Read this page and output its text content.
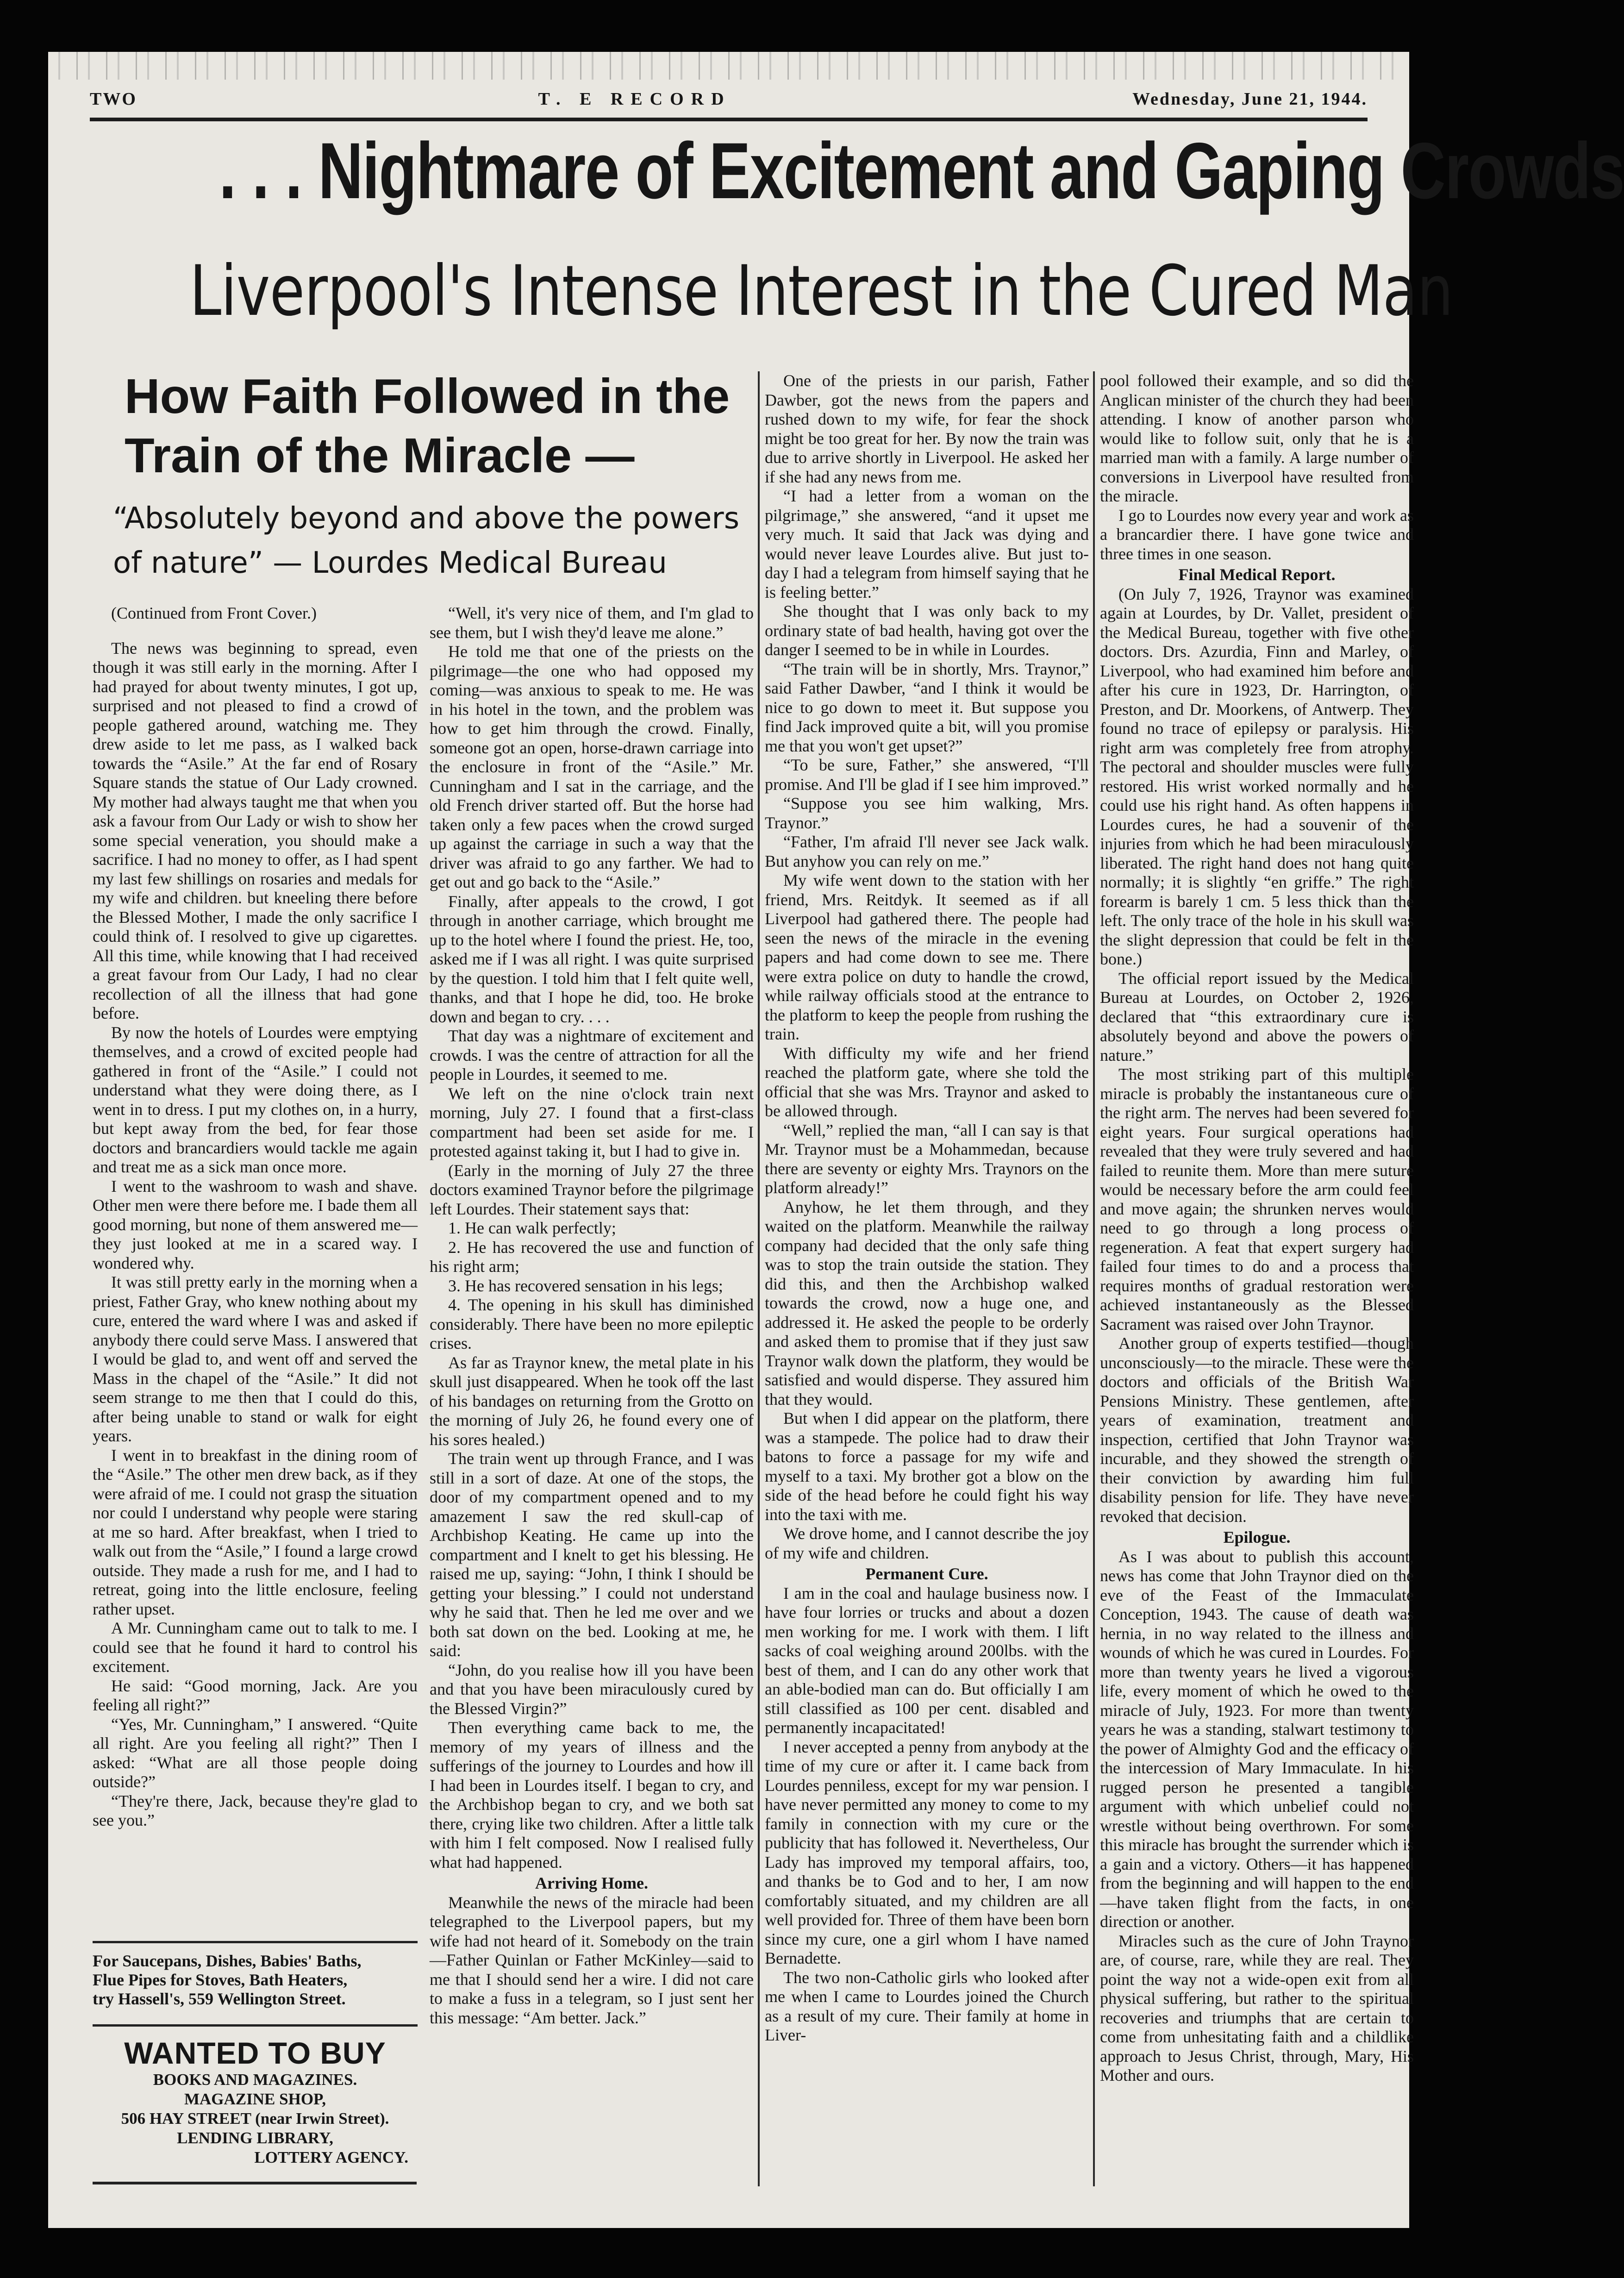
TWO	T. E RECORD	Wednesday, June 21, 1944.
. . . Nightmare of Excitement and Gaping Crowds
Liverpool's Intense Interest in the Cured Man
How Faith Followed in the
Train of the Miracle —
“Absolutely beyond and above the powers
of nature” — Lourdes Medical Bureau

(Continued from Front Cover.)

The news was beginning to spread, even though it was still early in the morning. After I had prayed for about twenty minutes, I got up, surprised and not pleased to find a crowd of people gathered around, watching me. They drew aside to let me pass, as I walked back towards the “Asile.” At the far end of Rosary Square stands the statue of Our Lady crowned. My mother had always taught me that when you ask a favour from Our Lady or wish to show her some special veneration, you should make a sacrifice. I had no money to offer, as I had spent my last few shillings on rosaries and medals for my wife and children. but kneeling there before the Blessed Mother, I made the only sacrifice I could think of. I resolved to give up cigarettes. All this time, while knowing that I had received a great favour from Our Lady, I had no clear recollection of all the illness that had gone before.

By now the hotels of Lourdes were emptying themselves, and a crowd of excited people had gathered in front of the “Asile.” I could not understand what they were doing there, as I went in to dress. I put my clothes on, in a hurry, but kept away from the bed, for fear those doctors and brancardiers would tackle me again and treat me as a sick man once more.

I went to the washroom to wash and shave. Other men were there before me. I bade them all good morning, but none of them answered me—they just looked at me in a scared way. I wondered why.

It was still pretty early in the morning when a priest, Father Gray, who knew nothing about my cure, entered the ward where I was and asked if anybody there could serve Mass. I answered that I would be glad to, and went off and served the Mass in the chapel of the “Asile.” It did not seem strange to me then that I could do this, after being unable to stand or walk for eight years.

I went in to breakfast in the dining room of the “Asile.” The other men drew back, as if they were afraid of me. I could not grasp the situation nor could I understand why people were staring at me so hard. After breakfast, when I tried to walk out from the “Asile,” I found a large crowd outside. They made a rush for me, and I had to retreat, going into the little enclosure, feeling rather upset.

A Mr. Cunningham came out to talk to me. I could see that he found it hard to control his excitement.

He said: “Good morning, Jack. Are you feeling all right?”

“Yes, Mr. Cunningham,” I answered. “Quite all right. Are you feeling all right?” Then I asked: “What are all those people doing outside?”

“They're there, Jack, because they're glad to see you.”

For Saucepans, Dishes, Babies' Baths,
Flue Pipes for Stoves, Bath Heaters,
try Hassell's, 559 Wellington Street.
WANTED TO BUY
BOOKS AND MAGAZINES.
MAGAZINE SHOP,
506 HAY STREET (near Irwin Street).
LENDING LIBRARY,
LOTTERY AGENCY.

“Well, it's very nice of them, and I'm glad to see them, but I wish they'd leave me alone.”

He told me that one of the priests on the pilgrimage—the one who had opposed my coming—was anxious to speak to me. He was in his hotel in the town, and the problem was how to get him through the crowd. Finally, someone got an open, horse-drawn carriage into the enclosure in front of the “Asile.” Mr. Cunningham and I sat in the carriage, and the old French driver started off. But the horse had taken only a few paces when the crowd surged up against the carriage in such a way that the driver was afraid to go any farther. We had to get out and go back to the “Asile.”

Finally, after appeals to the crowd, I got through in another carriage, which brought me up to the hotel where I found the priest. He, too, asked me if I was all right. I was quite surprised by the question. I told him that I felt quite well, thanks, and that I hope he did, too. He broke down and began to cry. . . .

That day was a nightmare of excitement and crowds. I was the centre of attraction for all the people in Lourdes, it seemed to me.

We left on the nine o'clock train next morning, July 27. I found that a first-class compartment had been set aside for me. I protested against taking it, but I had to give in.

(Early in the morning of July 27 the three doctors examined Traynor before the pilgrimage left Lourdes. Their statement says that:

1. He can walk perfectly;

2. He has recovered the use and function of his right arm;

3. He has recovered sensation in his legs;

4. The opening in his skull has diminished considerably. There have been no more epileptic crises.

As far as Traynor knew, the metal plate in his skull just disappeared. When he took off the last of his bandages on returning from the Grotto on the morning of July 26, he found every one of his sores healed.)

The train went up through France, and I was still in a sort of daze. At one of the stops, the door of my compartment opened and to my amazement I saw the red skull-cap of Archbishop Keating. He came up into the compartment and I knelt to get his blessing. He raised me up, saying: “John, I think I should be getting your blessing.” I could not understand why he said that. Then he led me over and we both sat down on the bed. Looking at me, he said:

“John, do you realise how ill you have been and that you have been miraculously cured by the Blessed Virgin?”

Then everything came back to me, the memory of my years of illness and the sufferings of the journey to Lourdes and how ill I had been in Lourdes itself. I began to cry, and the Archbishop began to cry, and we both sat there, crying like two children. After a little talk with him I felt composed. Now I realised fully what had happened.

Arriving Home.

Meanwhile the news of the miracle had been telegraphed to the Liverpool papers, but my wife had not heard of it. Somebody on the train—Father Quinlan or Father McKinley—said to me that I should send her a wire. I did not care to make a fuss in a telegram, so I just sent her this message: “Am better. Jack.”

One of the priests in our parish, Father Dawber, got the news from the papers and rushed down to my wife, for fear the shock might be too great for her. By now the train was due to arrive shortly in Liverpool. He asked her if she had any news from me.

“I had a letter from a woman on the pilgrimage,” she answered, “and it upset me very much. It said that Jack was dying and would never leave Lourdes alive. But just to-day I had a telegram from himself saying that he is feeling better.”

She thought that I was only back to my ordinary state of bad health, having got over the danger I seemed to be in while in Lourdes.

“The train will be in shortly, Mrs. Traynor,” said Father Dawber, “and I think it would be nice to go down to meet it. But suppose you find Jack improved quite a bit, will you promise me that you won't get upset?”

“To be sure, Father,” she answered, “I'll promise. And I'll be glad if I see him improved.”

“Suppose you see him walking, Mrs. Traynor.”

“Father, I'm afraid I'll never see Jack walk. But anyhow you can rely on me.”

My wife went down to the station with her friend, Mrs. Reitdyk. It seemed as if all Liverpool had gathered there. The people had seen the news of the miracle in the evening papers and had come down to see me. There were extra police on duty to handle the crowd, while railway officials stood at the entrance to the platform to keep the people from rushing the train.

With difficulty my wife and her friend reached the platform gate, where she told the official that she was Mrs. Traynor and asked to be allowed through.

“Well,” replied the man, “all I can say is that Mr. Traynor must be a Mohammedan, because there are seventy or eighty Mrs. Traynors on the platform already!”

Anyhow, he let them through, and they waited on the platform. Meanwhile the railway company had decided that the only safe thing was to stop the train outside the station. They did this, and then the Archbishop walked towards the crowd, now a huge one, and addressed it. He asked the people to be orderly and asked them to promise that if they just saw Traynor walk down the platform, they would be satisfied and would disperse. They assured him that they would.

But when I did appear on the platform, there was a stampede. The police had to draw their batons to force a passage for my wife and myself to a taxi. My brother got a blow on the side of the head before he could fight his way into the taxi with me.

We drove home, and I cannot describe the joy of my wife and children.

Permanent Cure.

I am in the coal and haulage business now. I have four lorries or trucks and about a dozen men working for me. I work with them. I lift sacks of coal weighing around 200lbs. with the best of them, and I can do any other work that an able-bodied man can do. But officially I am still classified as 100 per cent. disabled and permanently incapacitated!

I never accepted a penny from anybody at the time of my cure or after it. I came back from Lourdes penniless, except for my war pension. I have never permitted any money to come to my family in connection with my cure or the publicity that has followed it. Nevertheless, Our Lady has improved my temporal affairs, too, and thanks be to God and to her, I am now comfortably situated, and my children are all well provided for. Three of them have been born since my cure, one a girl whom I have named Bernadette.

The two non-Catholic girls who looked after me when I came to Lourdes joined the Church as a result of my cure. Their family at home in Liver-

pool followed their example, and so did the Anglican minister of the church they had been attending. I know of another parson who would like to follow suit, only that he is a married man with a family. A large number of conversions in Liverpool have resulted from the miracle.

I go to Lourdes now every year and work as a brancardier there. I have gone twice and three times in one season.

Final Medical Report.

(On July 7, 1926, Traynor was examined again at Lourdes, by Dr. Vallet, president of the Medical Bureau, together with five other doctors. Drs. Azurdia, Finn and Marley, of Liverpool, who had examined him before and after his cure in 1923, Dr. Harrington, of Preston, and Dr. Moorkens, of Antwerp. They found no trace of epilepsy or paralysis. His right arm was completely free from atrophy. The pectoral and shoulder muscles were fully restored. His wrist worked normally and he could use his right hand. As often happens in Lourdes cures, he had a souvenir of the injuries from which he had been miraculously liberated. The right hand does not hang quite normally; it is slightly “en griffe.” The right forearm is barely 1 cm. 5 less thick than the left. The only trace of the hole in his skull was the slight depression that could be felt in the bone.)

The official report issued by the Medical Bureau at Lourdes, on October 2, 1926, declared that “this extraordinary cure is absolutely beyond and above the powers of nature.”

The most striking part of this multiple miracle is probably the instantaneous cure of the right arm. The nerves had been severed for eight years. Four surgical operations had revealed that they were truly severed and had failed to reunite them. More than mere suture would be necessary before the arm could feel and move again; the shrunken nerves would need to go through a long process of regeneration. A feat that expert surgery had failed four times to do and a process that requires months of gradual restoration were achieved instantaneously as the Blessed Sacrament was raised over John Traynor.

Another group of experts testified—though unconsciously—to the miracle. These were the doctors and officials of the British War Pensions Ministry. These gentlemen, after years of examination, treatment and inspection, certified that John Traynor was incurable, and they showed the strength of their conviction by awarding him full disability pension for life. They have never revoked that decision.

Epilogue.

As I was about to publish this account, news has come that John Traynor died on the eve of the Feast of the Immaculate Conception, 1943. The cause of death was hernia, in no way related to the illness and wounds of which he was cured in Lourdes. For more than twenty years he lived a vigorous life, every moment of which he owed to the miracle of July, 1923. For more than twenty years he was a standing, stalwart testimony to the power of Almighty God and the efficacy of the intercession of Mary Immaculate. In his rugged person he presented a tangible argument with which unbelief could not wrestle without being overthrown. For some this miracle has brought the surrender which is a gain and a victory. Others—it has happened from the beginning and will happen to the end—have taken flight from the facts, in one direction or another.

Miracles such as the cure of John Traynor are, of course, rare, while they are real. They point the way not a wide-open exit from all physical suffering, but rather to the spiritual recoveries and triumphs that are certain to come from unhesitating faith and a childlike approach to Jesus Christ, through, Mary, His Mother and ours.
